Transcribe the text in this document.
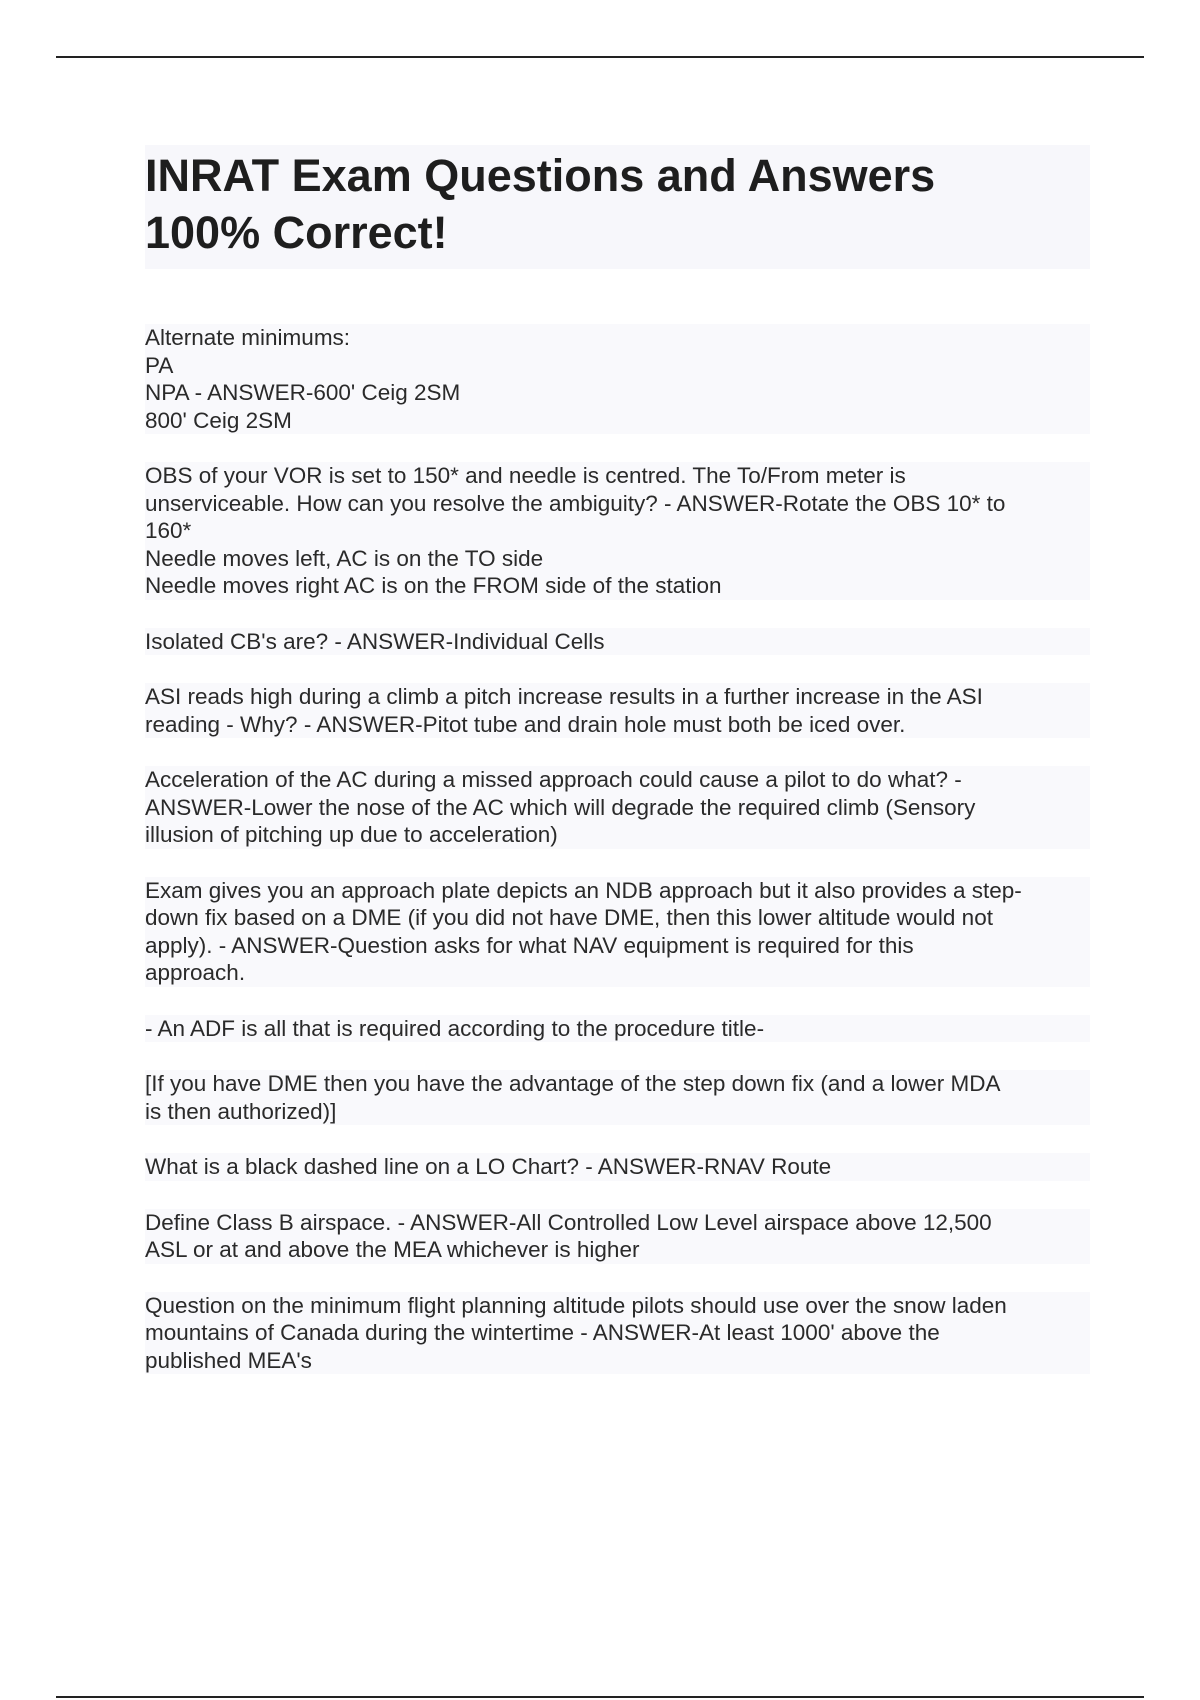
INRAT Exam Questions and Answers
100% Correct!

Alternate minimums:
PA
NPA - ANSWER-600' Ceig 2SM
800' Ceig 2SM

OBS of your VOR is set to 150* and needle is centred. The To/From meter is
unserviceable. How can you resolve the ambiguity? - ANSWER-Rotate the OBS 10* to
160*
Needle moves left, AC is on the TO side
Needle moves right AC is on the FROM side of the station

Isolated CB's are? - ANSWER-Individual Cells

ASI reads high during a climb a pitch increase results in a further increase in the ASI
reading - Why? - ANSWER-Pitot tube and drain hole must both be iced over.

Acceleration of the AC during a missed approach could cause a pilot to do what? -
ANSWER-Lower the nose of the AC which will degrade the required climb (Sensory
illusion of pitching up due to acceleration)

Exam gives you an approach plate depicts an NDB approach but it also provides a step-
down fix based on a DME (if you did not have DME, then this lower altitude would not
apply). - ANSWER-Question asks for what NAV equipment is required for this
approach.

- An ADF is all that is required according to the procedure title-

[If you have DME then you have the advantage of the step down fix (and a lower MDA
is then authorized)]

What is a black dashed line on a LO Chart? - ANSWER-RNAV Route

Define Class B airspace. - ANSWER-All Controlled Low Level airspace above 12,500
ASL or at and above the MEA whichever is higher

Question on the minimum flight planning altitude pilots should use over the snow laden
mountains of Canada during the wintertime - ANSWER-At least 1000' above the
published MEA's
